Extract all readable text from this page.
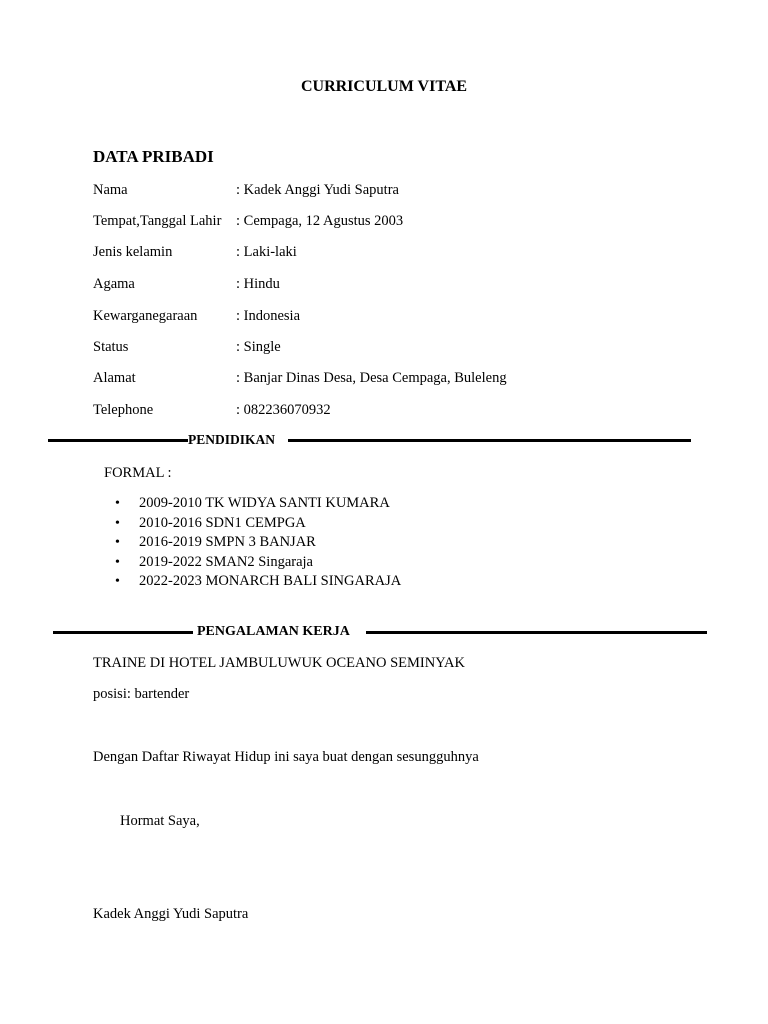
CURRICULUM VITAE
DATA PRIBADI
Nama	: Kadek Anggi Yudi Saputra
Tempat,Tanggal Lahir : Cempaga, 12 Agustus 2003
Jenis kelamin	: Laki-laki
Agama	: Hindu
Kewarganegaraan	: Indonesia
Status	: Single
Alamat	: Banjar Dinas Desa, Desa Cempaga, Buleleng
Telephone	: 082236070932
PENDIDIKAN
FORMAL :
• 2009-2010 TK WIDYA SANTI KUMARA
• 2010-2016 SDN1 CEMPGA
• 2016-2019 SMPN 3 BANJAR
• 2019-2022 SMAN2 Singaraja
• 2022-2023 MONARCH BALI SINGARAJA
PENGALAMAN KERJA
TRAINE DI HOTEL JAMBULUWUK OCEANO SEMINYAK
posisi: bartender
Dengan Daftar Riwayat Hidup ini saya buat dengan sesungguhnya
Hormat Saya,
Kadek Anggi Yudi Saputra
